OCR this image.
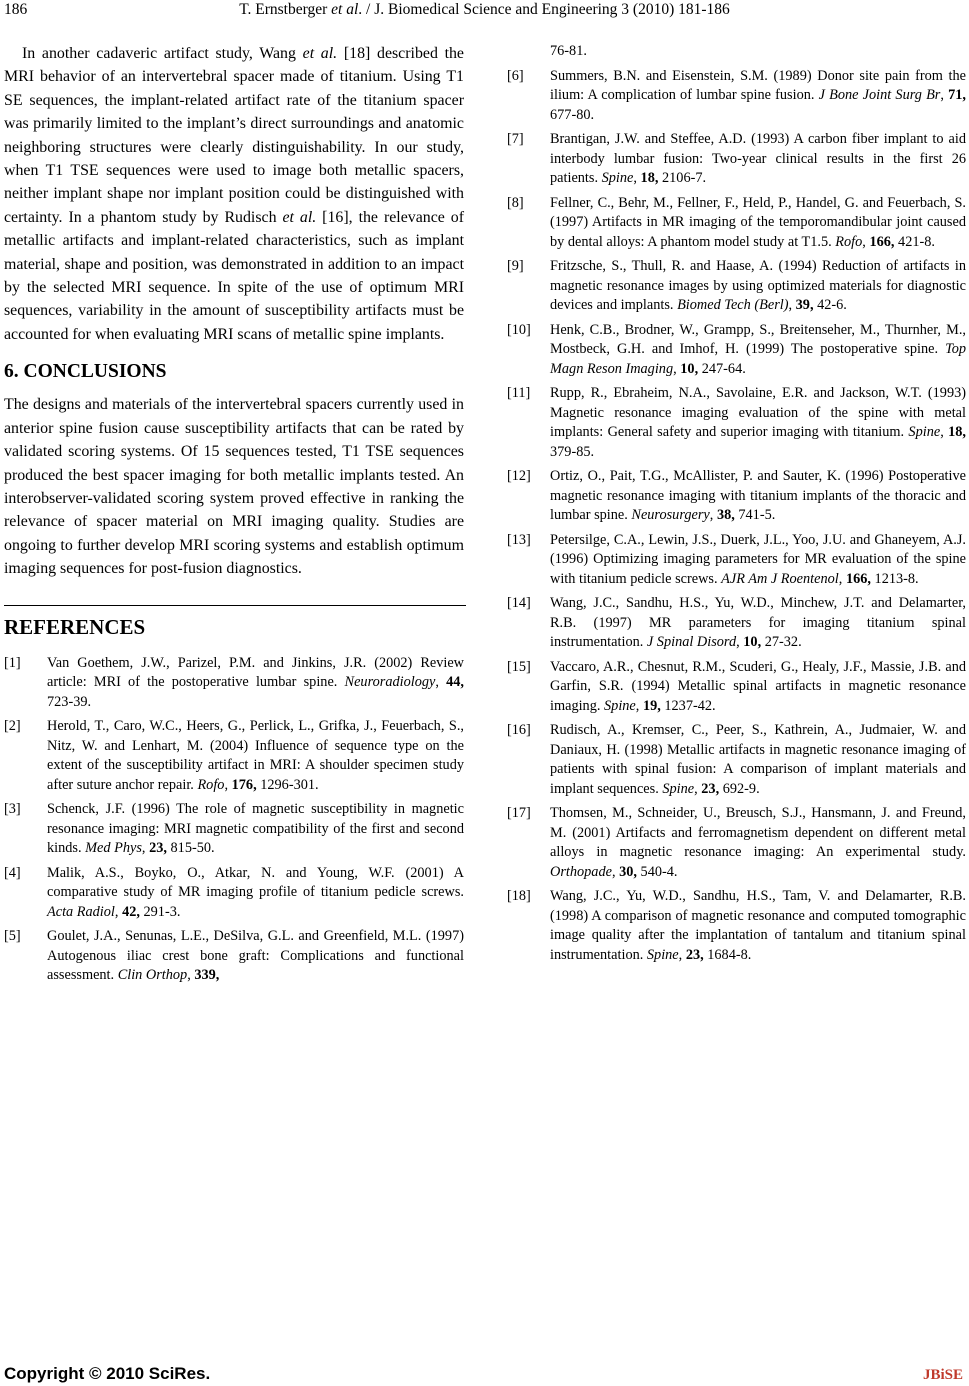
186	T. Ernstberger et al. / J. Biomedical Science and Engineering 3 (2010) 181-186

In another cadaveric artifact study, Wang et al. [18] described the MRI behavior of an intervertebral spacer made of titanium. Using T1 SE sequences, the implant-related artifact rate of the titanium spacer was primarily limited to the implant’s direct surroundings and anatomic neighboring structures were clearly distinguishability. In our study, when T1 TSE sequences were used to image both metallic spacers, neither implant shape nor implant position could be distinguished with certainty. In a phantom study by Rudisch et al. [16], the relevance of metallic artifacts and implant-related characteristics, such as implant material, shape and position, was demonstrated in addition to an impact by the selected MRI sequence. In spite of the use of optimum MRI sequences, variability in the amount of susceptibility artifacts must be accounted for when evaluating MRI scans of metallic spine implants.

6. CONCLUSIONS

The designs and materials of the intervertebral spacers currently used in anterior spine fusion cause susceptibility artifacts that can be rated by validated scoring systems. Of 15 sequences tested, T1 TSE sequences produced the best spacer imaging for both metallic implants tested. An interobserver-validated scoring system proved effective in ranking the relevance of spacer material on MRI imaging quality. Studies are ongoing to further develop MRI scoring systems and establish optimum imaging sequences for post-fusion diagnostics.

REFERENCES
[1]	Van Goethem, J.W., Parizel, P.M. and Jinkins, J.R. (2002) Review article: MRI of the postoperative lumbar spine. Neuroradiology, 44, 723-39.
[2]	Herold, T., Caro, W.C., Heers, G., Perlick, L., Grifka, J., Feuerbach, S., Nitz, W. and Lenhart, M. (2004) Influence of sequence type on the extent of the susceptibility artifact in MRI: A shoulder specimen study after suture anchor repair. Rofo, 176, 1296-301.
[3]	Schenck, J.F. (1996) The role of magnetic susceptibility in magnetic resonance imaging: MRI magnetic compatibility of the first and second kinds. Med Phys, 23, 815-50.
[4]	Malik, A.S., Boyko, O., Atkar, N. and Young, W.F. (2001) A comparative study of MR imaging profile of titanium pedicle screws. Acta Radiol, 42, 291-3.
[5]	Goulet, J.A., Senunas, L.E., DeSilva, G.L. and Greenfield, M.L. (1997) Autogenous iliac crest bone graft: Complications and functional assessment. Clin Orthop, 339,
76-81.
[6]	Summers, B.N. and Eisenstein, S.M. (1989) Donor site pain from the ilium: A complication of lumbar spine fusion. J Bone Joint Surg Br, 71, 677-80.
[7]	Brantigan, J.W. and Steffee, A.D. (1993) A carbon fiber implant to aid interbody lumbar fusion: Two-year clinical results in the first 26 patients. Spine, 18, 2106-7.
[8]	Fellner, C., Behr, M., Fellner, F., Held, P., Handel, G. and Feuerbach, S. (1997) Artifacts in MR imaging of the temporomandibular joint caused by dental alloys: A phantom model study at T1.5. Rofo, 166, 421-8.
[9]	Fritzsche, S., Thull, R. and Haase, A. (1994) Reduction of artifacts in magnetic resonance images by using optimized materials for diagnostic devices and implants. Biomed Tech (Berl), 39, 42-6.
[10]	Henk, C.B., Brodner, W., Grampp, S., Breitenseher, M., Thurnher, M., Mostbeck, G.H. and Imhof, H. (1999) The postoperative spine. Top Magn Reson Imaging, 10, 247-64.
[11]	Rupp, R., Ebraheim, N.A., Savolaine, E.R. and Jackson, W.T. (1993) Magnetic resonance imaging evaluation of the spine with metal implants: General safety and superior imaging with titanium. Spine, 18, 379-85.
[12]	Ortiz, O., Pait, T.G., McAllister, P. and Sauter, K. (1996) Postoperative magnetic resonance imaging with titanium implants of the thoracic and lumbar spine. Neurosurgery, 38, 741-5.
[13]	Petersilge, C.A., Lewin, J.S., Duerk, J.L., Yoo, J.U. and Ghaneyem, A.J. (1996) Optimizing imaging parameters for MR evaluation of the spine with titanium pedicle screws. AJR Am J Roentenol, 166, 1213-8.
[14]	Wang, J.C., Sandhu, H.S., Yu, W.D., Minchew, J.T. and Delamarter, R.B. (1997) MR parameters for imaging titanium spinal instrumentation. J Spinal Disord, 10, 27-32.
[15]	Vaccaro, A.R., Chesnut, R.M., Scuderi, G., Healy, J.F., Massie, J.B. and Garfin, S.R. (1994) Metallic spinal artifacts in magnetic resonance imaging. Spine, 19, 1237-42.
[16]	Rudisch, A., Kremser, C., Peer, S., Kathrein, A., Judmaier, W. and Daniaux, H. (1998) Metallic artifacts in magnetic resonance imaging of patients with spinal fusion: A comparison of implant materials and implant sequences. Spine, 23, 692-9.
[17]	Thomsen, M., Schneider, U., Breusch, S.J., Hansmann, J. and Freund, M. (2001) Artifacts and ferromagnetism dependent on different metal alloys in magnetic resonance imaging: An experimental study. Orthopade, 30, 540-4.
[18]	Wang, J.C., Yu, W.D., Sandhu, H.S., Tam, V. and Delamarter, R.B. (1998) A comparison of magnetic resonance and computed tomographic image quality after the implantation of tantalum and titanium spinal instrumentation. Spine, 23, 1684-8.
Copyright © 2010 SciRes.	JBiSE
